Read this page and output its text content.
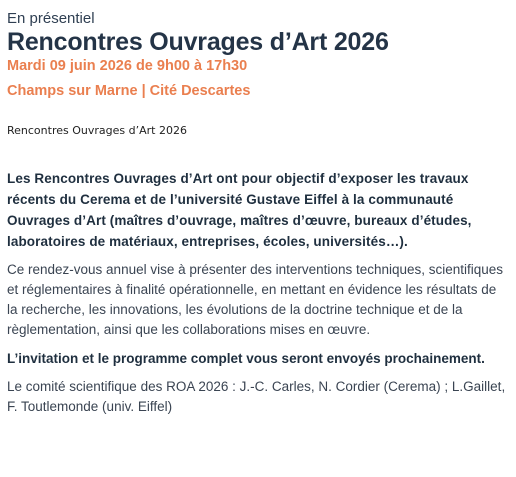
En présentiel

Rencontres Ouvrages d’Art 2026

Mardi 09 juin 2026 de 9h00 à 17h30

Champs sur Marne | Cité Descartes

Rencontres Ouvrages d’Art 2026

Les Rencontres Ouvrages d’Art ont pour objectif d’exposer les travaux récents du Cerema et de l’université Gustave Eiffel à la communauté Ouvrages d’Art (maîtres d’ouvrage, maîtres d’œuvre, bureaux d’études, laboratoires de matériaux, entreprises, écoles, universités…).

Ce rendez-vous annuel vise à présenter des interventions techniques, scientifiques et réglementaires à finalité opérationnelle, en mettant en évidence les résultats de la recherche, les innovations, les évolutions de la doctrine technique et de la règlementation, ainsi que les collaborations mises en œuvre.

L’invitation et le programme complet vous seront envoyés prochainement.

Le comité scientifique des ROA 2026 : J.-C. Carles, N. Cordier (Cerema) ; L.Gaillet, F. Toutlemonde (univ. Eiffel)
